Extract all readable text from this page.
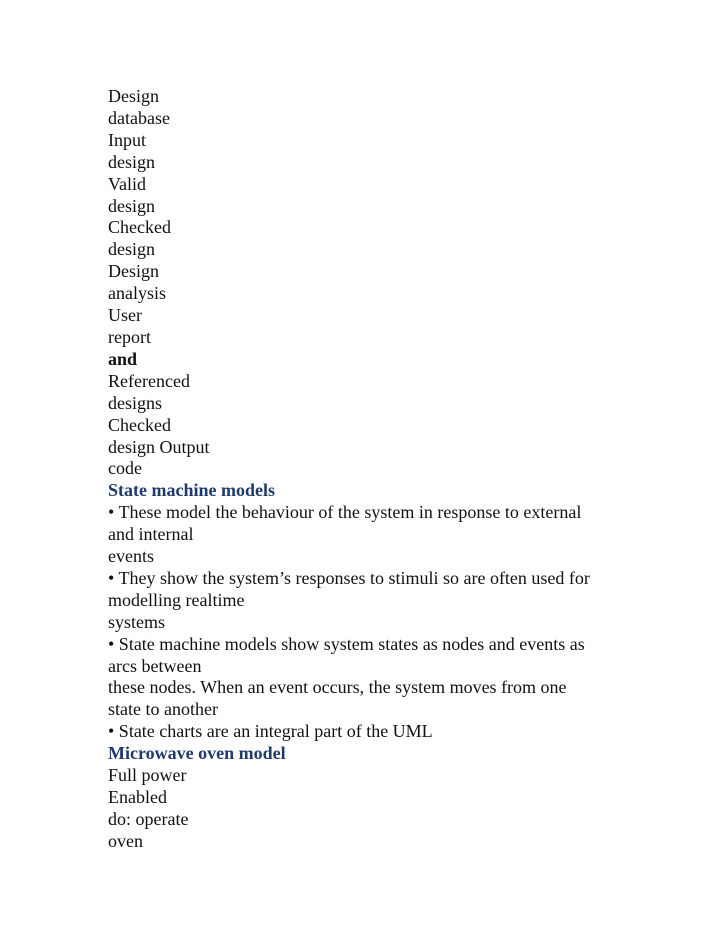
Design
database
Input
design
Valid
design
Checked
design
Design
analysis
User
report
and
Referenced
designs
Checked
design Output
code
State machine models
• These model the behaviour of the system in response to external
and internal
events
• They show the system’s responses to stimuli so are often used for
modelling realtime
systems
• State machine models show system states as nodes and events as
arcs between
these nodes. When an event occurs, the system moves from one
state to another
• State charts are an integral part of the UML
Microwave oven model
Full power
Enabled
do: operate
oven
